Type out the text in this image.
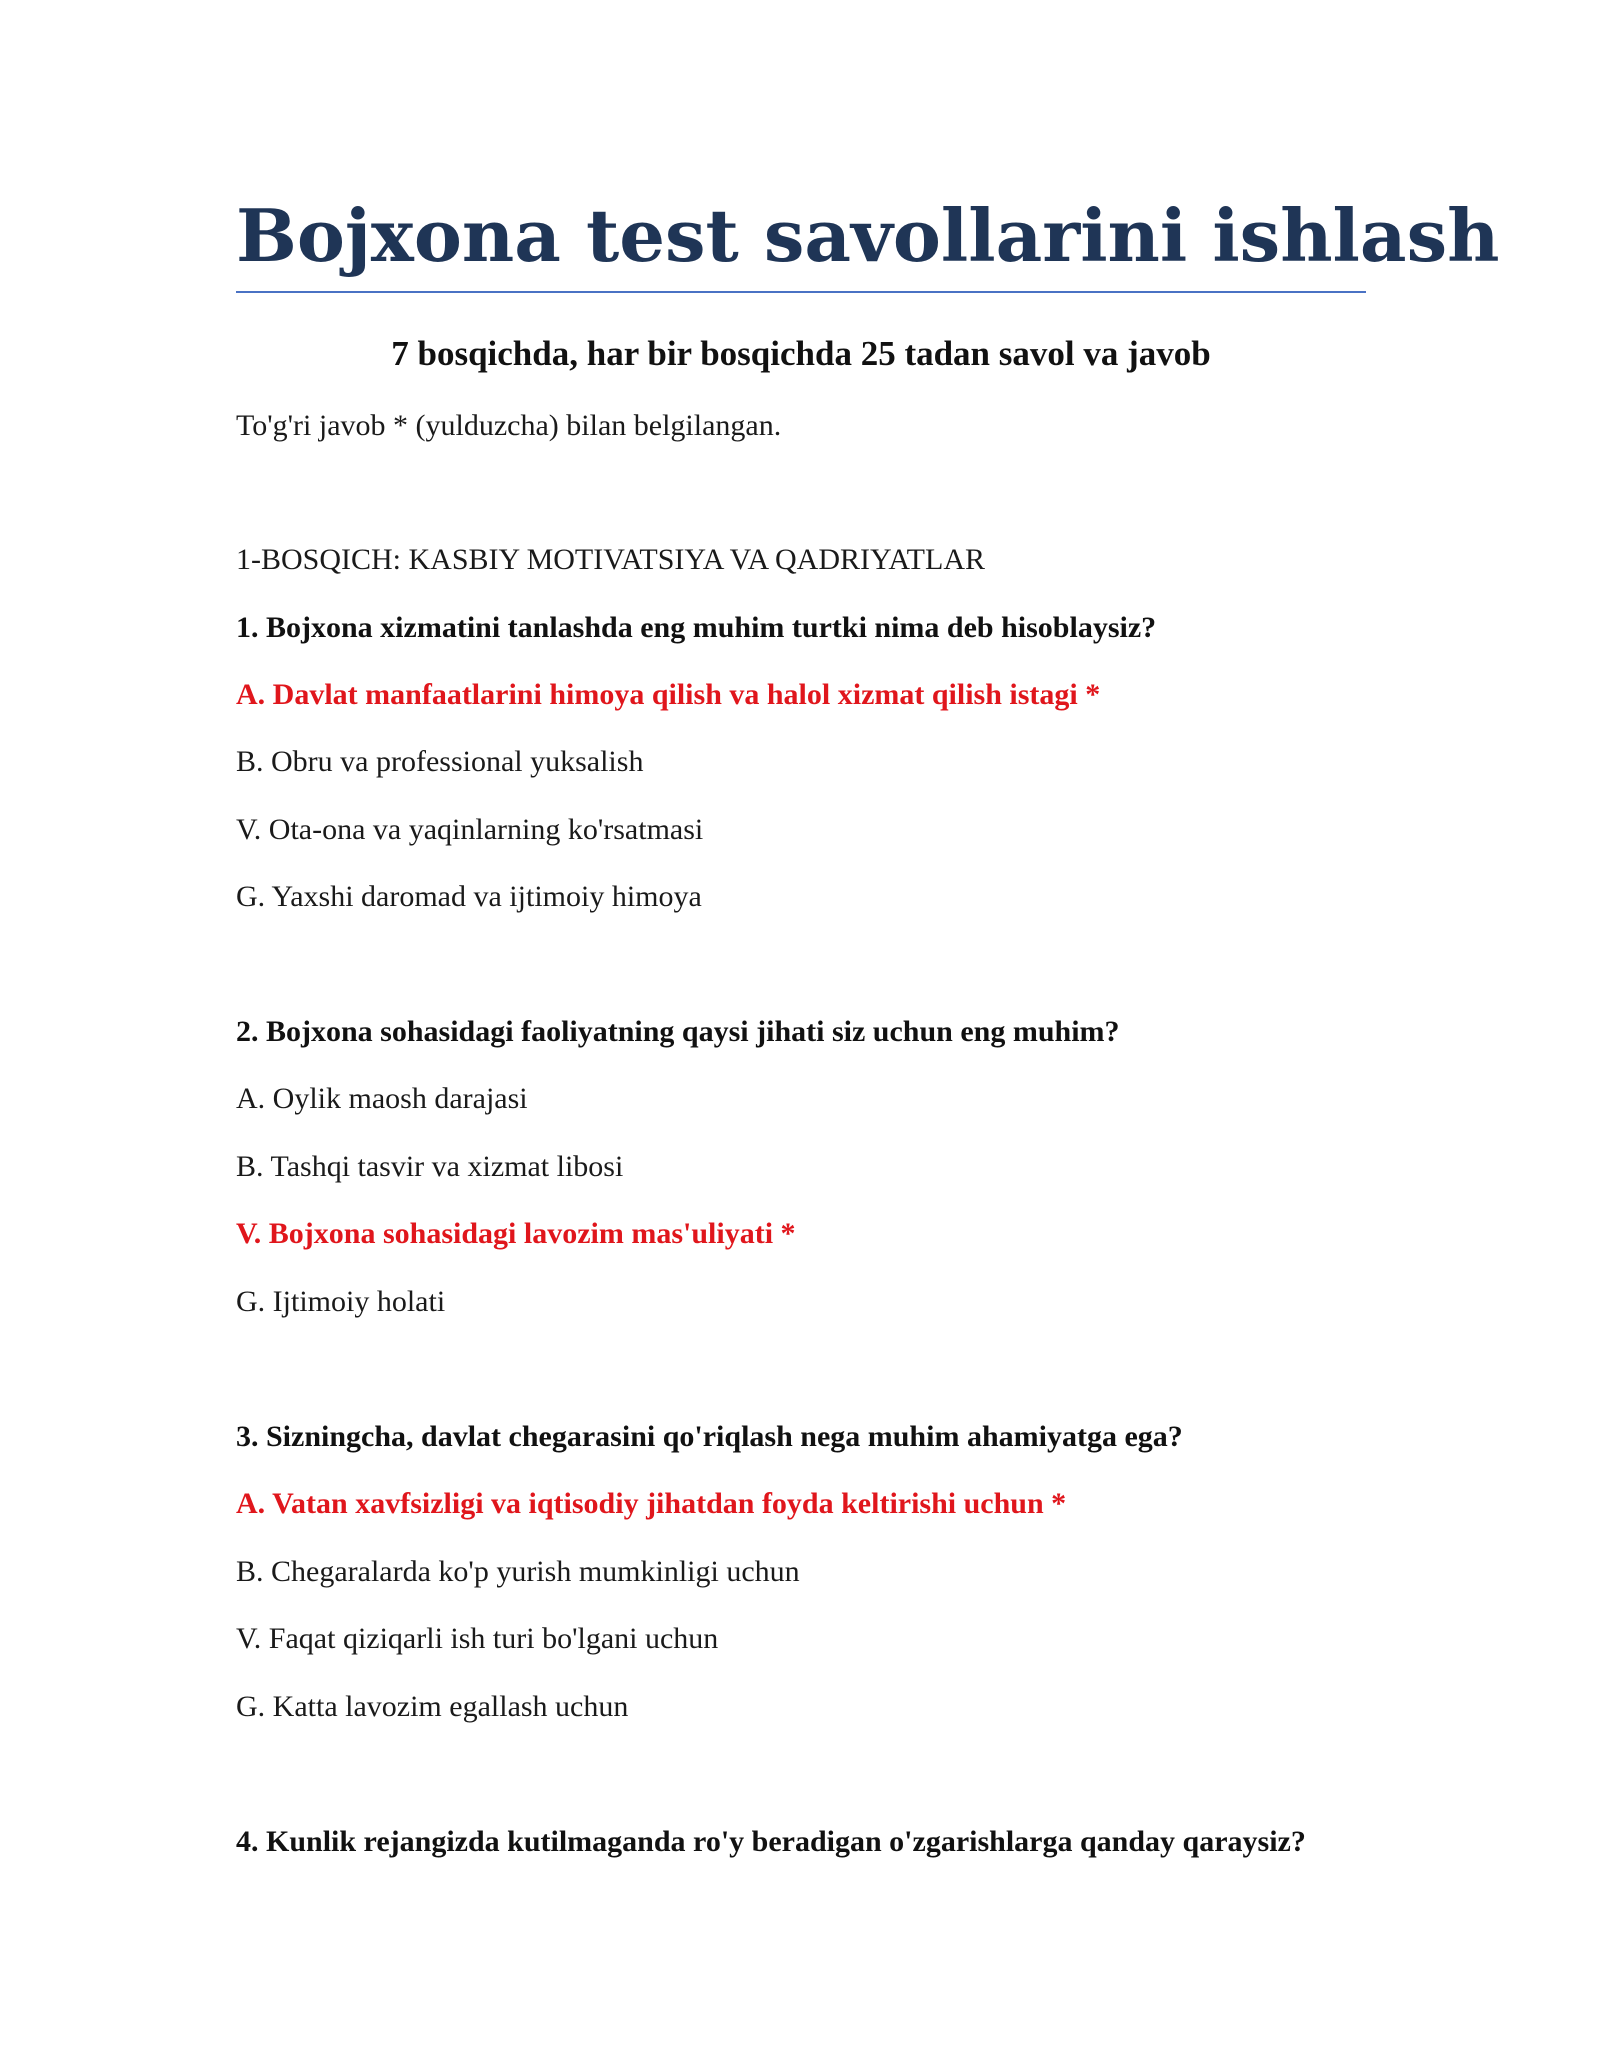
Bojxona test savollarini ishlash
7 bosqichda, har bir bosqichda 25 tadan savol va javob

To'g'ri javob * (yulduzcha) bilan belgilangan.

1-BOSQICH: KASBIY MOTIVATSIYA VA QADRIYATLAR

1. Bojxona xizmatini tanlashda eng muhim turtki nima deb hisoblaysiz?

A. Davlat manfaatlarini himoya qilish va halol xizmat qilish istagi *

B. Obru va professional yuksalish

V. Ota-ona va yaqinlarning ko'rsatmasi

G. Yaxshi daromad va ijtimoiy himoya

2. Bojxona sohasidagi faoliyatning qaysi jihati siz uchun eng muhim?

A. Oylik maosh darajasi

B. Tashqi tasvir va xizmat libosi

V. Bojxona sohasidagi lavozim mas'uliyati *

G. Ijtimoiy holati

3. Sizningcha, davlat chegarasini qo'riqlash nega muhim ahamiyatga ega?

A. Vatan xavfsizligi va iqtisodiy jihatdan foyda keltirishi uchun *

B. Chegaralarda ko'p yurish mumkinligi uchun

V. Faqat qiziqarli ish turi bo'lgani uchun

G. Katta lavozim egallash uchun

4. Kunlik rejangizda kutilmaganda ro'y beradigan o'zgarishlarga qanday qaraysiz?
